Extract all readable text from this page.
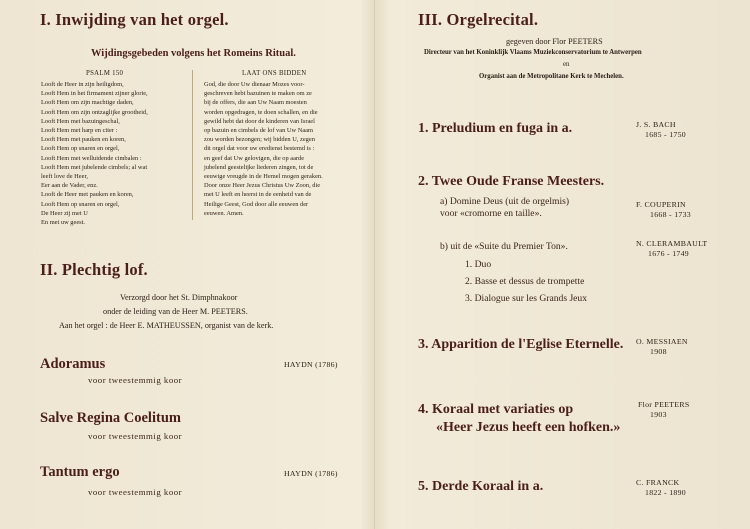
I. Inwijding van het orgel.
Wijdingsgebeden volgens het Romeins Ritual.
PSALM 150
Looft de Heer in zijn heiligdom,
Looft Hem in het firmament zijner glorie,
Looft Hem om zijn machtige daden,
Looft Hem om zijn ontzaglijke grootheid,
Looft Hem met bazuingeschal,
Looft Hem met harp en citer :
Looft Hem met pauken en koren,
Looft Hem op snaren en orgel,
Looft Hem met welluidende cimbalen :
Looft Hem met jubelende cimbels; al wat
leeft love de Heer,
Eer aan de Vader, enz.
Looft de Heer met pauken en koren,
Looft Hem op snaren en orgel,
De Heer zij met U
En met uw geest.
LAAT ONS BIDDEN
God, die door Uw dienaar Mozes voor-
geschreven hebt bazuinen te maken om ze
bij de offers, die aan Uw Naam moesten
worden opgedragen, te doen schallen, en die
gewild hebt dat door de kinderen van Israel
op bazuin en cimbels de lof van Uw Naam
zou worden bezongen; wij bidden U, zegen
dit orgel dat voor uw eredienst bestemd is :
en geef dat Uw gelovigen, die op aarde
jubelend geestelijke liederen zingen, tot de
eeuwige vreugde in de Hemel mogen geraken.
Door onze Heer Jezus Christus Uw Zoon, die
met U leeft en heerst in de eenheid van de
Heilige Geest, God door alle eeuwen der
eeuwen. Amen.
II. Plechtig lof.
Verzorgd door het St. Dimphnakoor
onder de leiding van de Heer M. PEETERS.
Aan het orgel : de Heer E. MATHEUSSEN, organist van de kerk.
Adoramus	HAYDN (1786)
voor tweestemmig koor
Salve Regina Coelitum
voor tweestemmig koor
Tantum ergo	HAYDN (1786)
voor tweestemmig koor
III. Orgelrecital.
gegeven door Flor PEETERS
Directeur van het Koninklijk Vlaams Muziekconservatorium te Antwerpen
en
Organist aan de Metropolitane Kerk te Mechelen.
1. Preludium en fuga in a.	J. S. BACH
1685 - 1750
2. Twee Oude Franse Meesters.
a) Domine Deus (uit de orgelmis)
voor «cromorne en taille».
F. COUPERIN
1668 - 1733
b) uit de «Suite du Premier Ton».	N. CLERAMBAULT
1676 - 1749
1. Duo
2. Basse et dessus de trompette
3. Dialogue sur les Grands Jeux
3. Apparition de l'Eglise Eternelle. O. MESSIAEN
1908
4. Koraal met variaties op
«Heer Jezus heeft een hofken.»
Flor PEETERS
1903
5. Derde Koraal in a.	C. FRANCK
1822 - 1890
